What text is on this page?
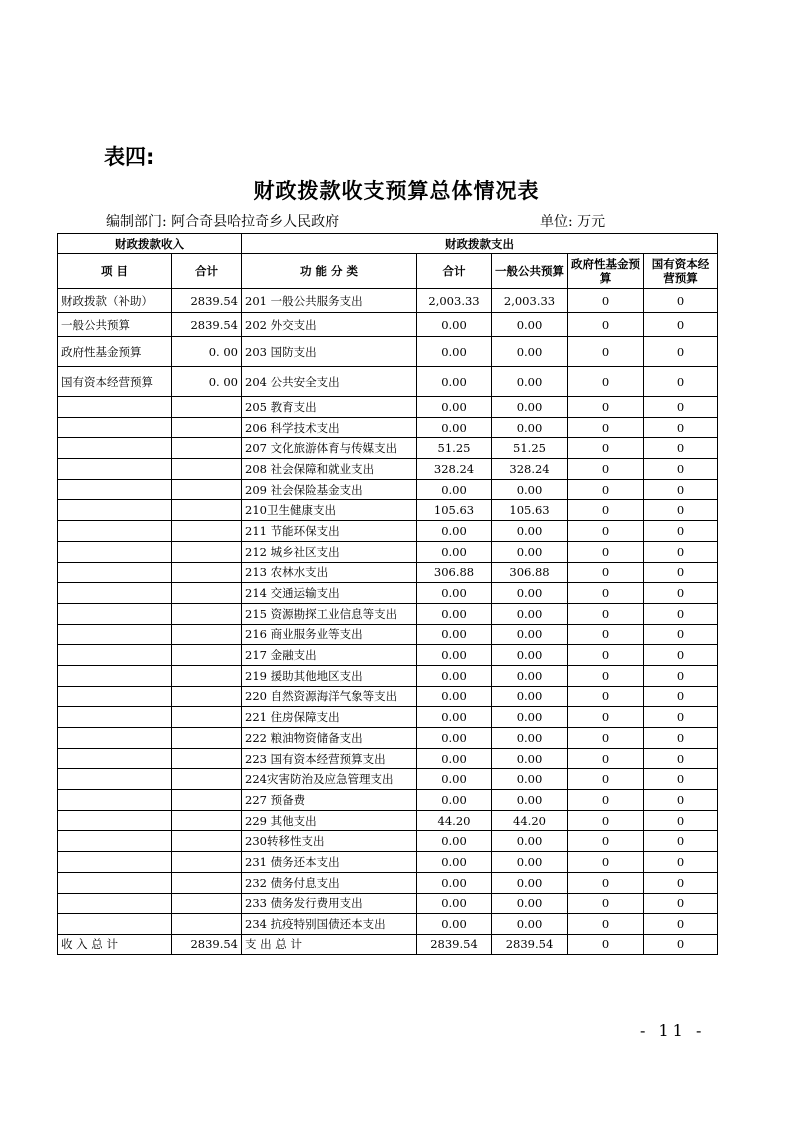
表四:
财政拨款收支预算总体情况表
编制部门: 阿合奇县哈拉奇乡人民政府	单位: 万元
财政拨款收入		财政拨款支出				
项 目	合计	功 能 分 类	合计	一般公共预算	政府性基金预算	国有资本经营预算
财政拨款（补助）	2839.54	201 一般公共服务支出	2,003.33	2,003.33	0	0
一般公共预算	2839.54	202 外交支出	0.00	0.00	0	0
政府性基金预算	0. 00	203 国防支出	0.00	0.00	0	0
国有资本经营预算	0. 00	204 公共安全支出	0.00	0.00	0	0
		205 教育支出	0.00	0.00	0	0
		206 科学技术支出	0.00	0.00	0	0
		207 文化旅游体育与传媒支出	51.25	51.25	0	0
		208 社会保障和就业支出	328.24	328.24	0	0
		209 社会保险基金支出	0.00	0.00	0	0
		210卫生健康支出	105.63	105.63	0	0
		211 节能环保支出	0.00	0.00	0	0
		212 城乡社区支出	0.00	0.00	0	0
		213 农林水支出	306.88	306.88	0	0
		214 交通运输支出	0.00	0.00	0	0
		215 资源勘探工业信息等支出	0.00	0.00	0	0
		216 商业服务业等支出	0.00	0.00	0	0
		217 金融支出	0.00	0.00	0	0
		219 援助其他地区支出	0.00	0.00	0	0
		220 自然资源海洋气象等支出	0.00	0.00	0	0
		221 住房保障支出	0.00	0.00	0	0
		222 粮油物资储备支出	0.00	0.00	0	0
		223 国有资本经营预算支出	0.00	0.00	0	0
		224灾害防治及应急管理支出	0.00	0.00	0	0
		227 预备费	0.00	0.00	0	0
		229 其他支出	44.20	44.20	0	0
		230转移性支出	0.00	0.00	0	0
		231 债务还本支出	0.00	0.00	0	0
		232 债务付息支出	0.00	0.00	0	0
		233 债务发行费用支出	0.00	0.00	0	0
		234 抗疫特别国债还本支出	0.00	0.00	0	0
收 入 总 计	2839.54	支 出 总 计	2839.54	2839.54	0	0
- 11 -
